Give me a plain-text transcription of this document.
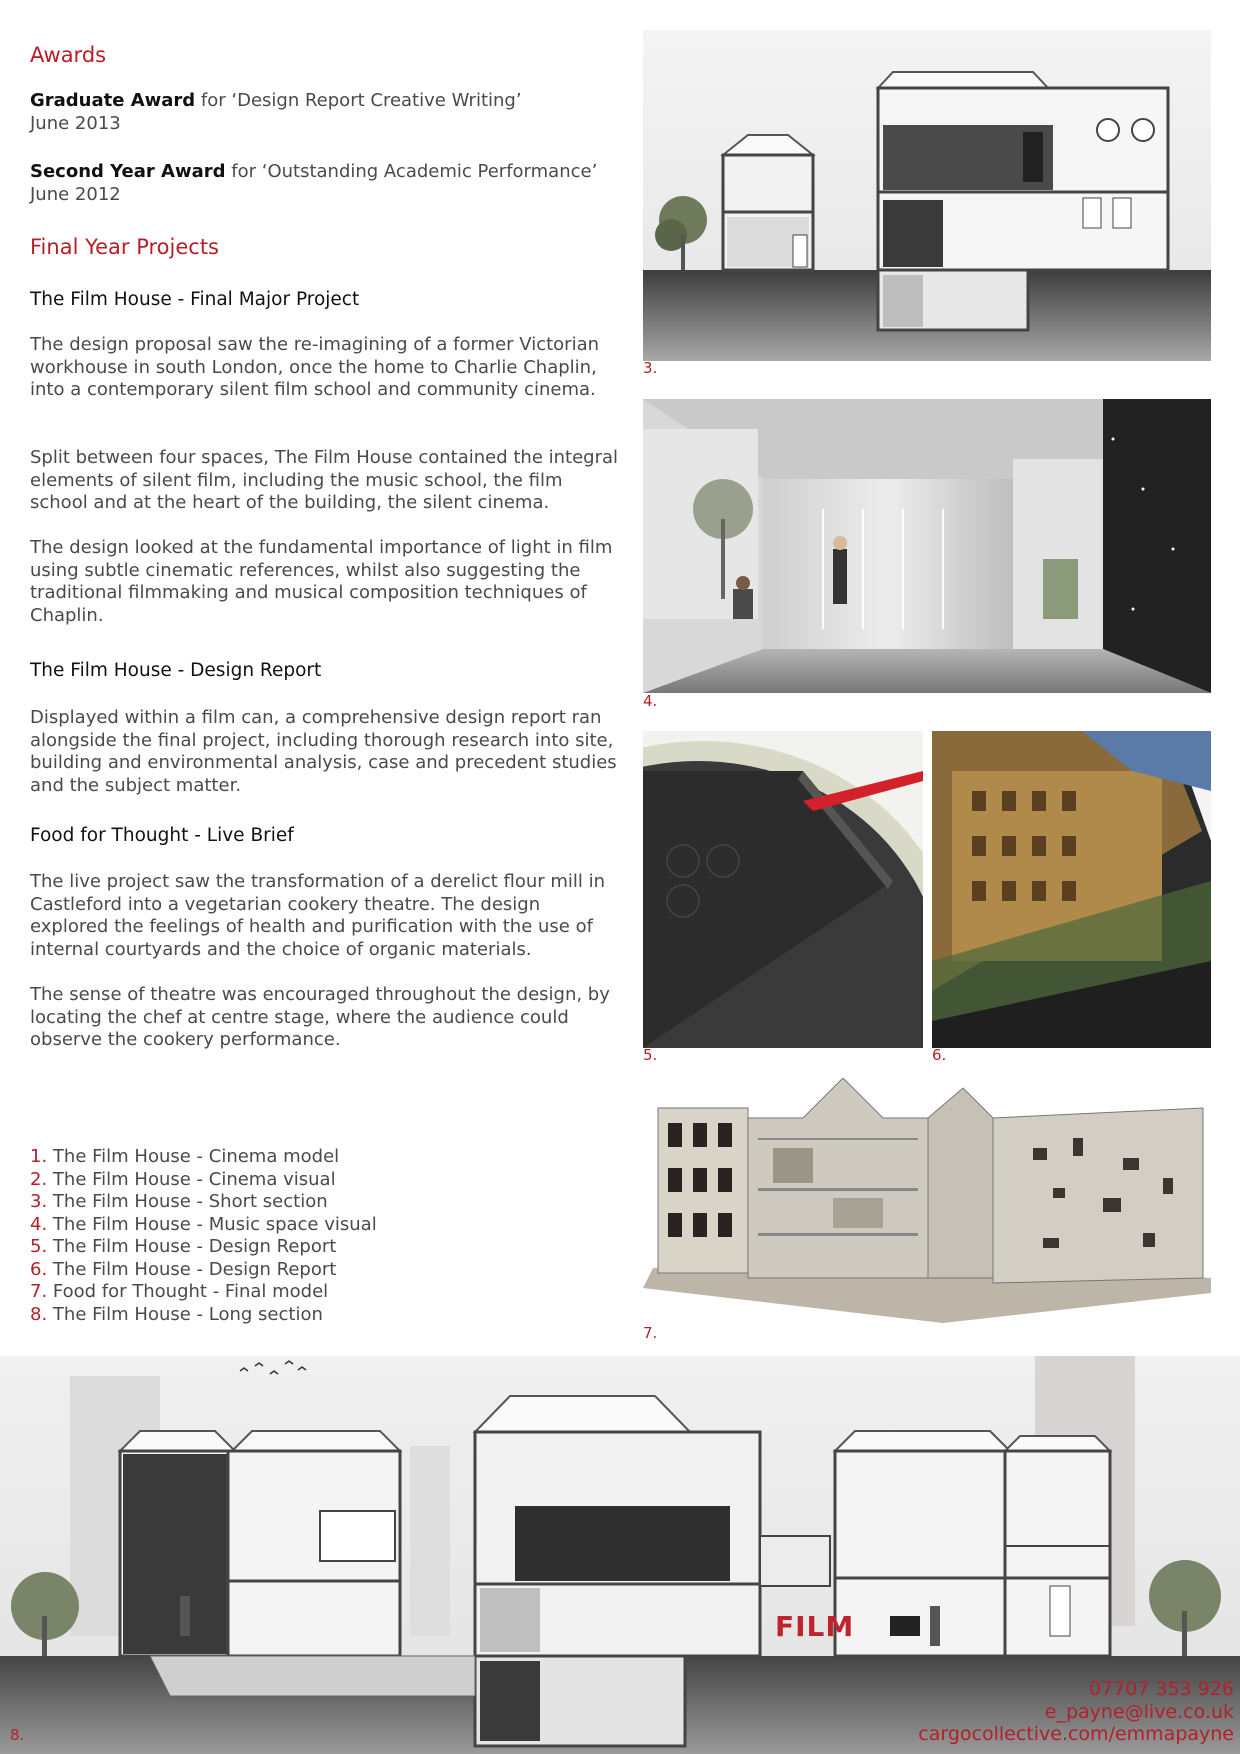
Awards
Graduate Award for ‘Design Report Creative Writing’
June 2013
Second Year Award for ‘Outstanding Academic Performance’
June 2012
Final Year Projects
The Film House - Final Major Project
The design proposal saw the re-imagining of a former Victorian workhouse in south London, once the home to Charlie Chaplin, into a contemporary silent film school and community cinema.
Split between four spaces, The Film House contained the integral elements of silent film, including the music school, the film school and at the heart of the building, the silent cinema.
The design looked at the fundamental importance of light in film using subtle cinematic references, whilst also suggesting the traditional filmmaking and musical composition techniques of Chaplin.
The Film House - Design Report
Displayed within a film can, a comprehensive design report ran alongside the final project, including thorough research into site, building and environmental analysis, case and precedent studies and the subject matter.
Food for Thought - Live Brief
The live project saw the transformation of a derelict flour mill in Castleford into a vegetarian cookery theatre. The design explored the feelings of health and purification with the use of internal courtyards and the choice of organic materials.
The sense of theatre was encouraged throughout the design, by locating the chef at centre stage, where the audience could observe the cookery performance.
1. The Film House - Cinema model
2. The Film House - Cinema visual
3. The Film House - Short section
4. The Film House - Music space visual
5. The Film House - Design Report
6. The Film House - Design Report
7. Food for Thought - Final model
8. The Film House - Long section
3.
4.
5.	6.
7.
FILM
8.
07707 353 926
e_payne@live.co.uk
cargocollective.com/emmapayne
